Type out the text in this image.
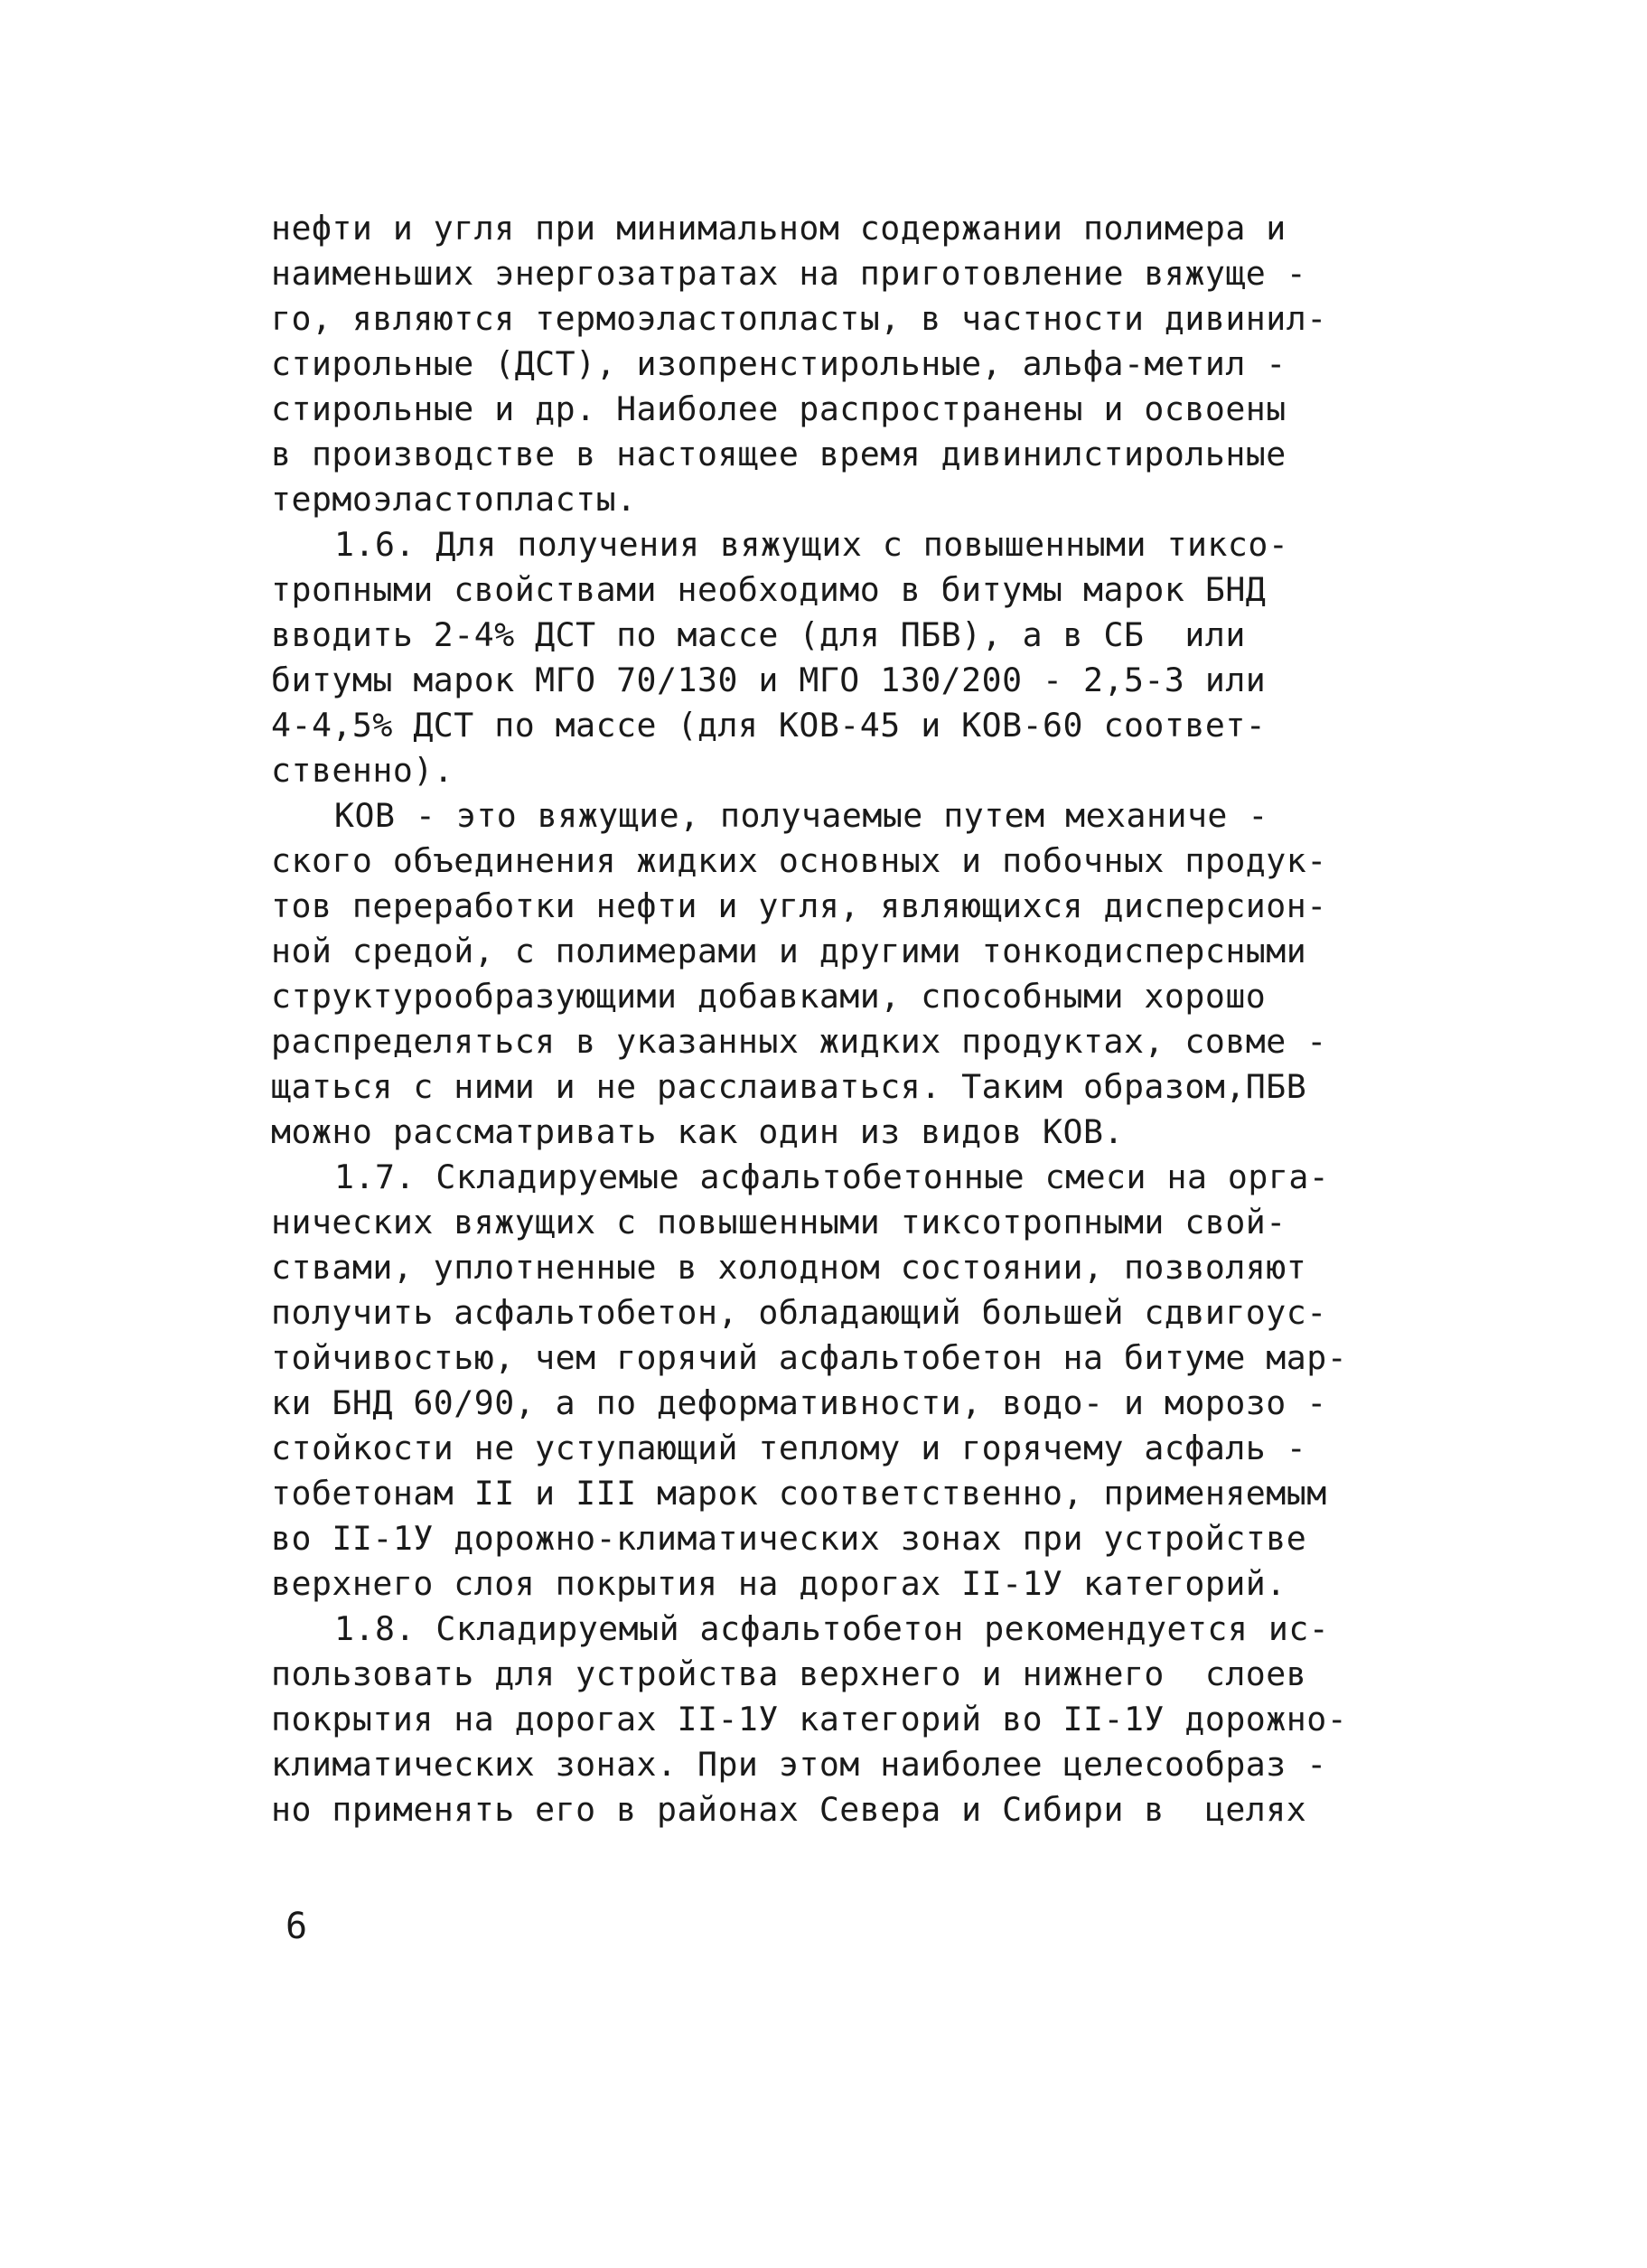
нефти и угля при минимальном содержании полимера и
наименьших энергозатратах на приготовление вяжуще -
го, являются термоэластопласты, в частности дивинил-
стирольные (ДСТ), изопренстирольные, альфа-метил -
стирольные и др. Наиболее распространены и освоены
в производстве в настоящее время дивинилстирольные
термоэластопласты.
1.6. Для получения вяжущих с повышенными тиксо-
тропными свойствами необходимо в битумы марок БНД
вводить 2-4% ДСТ по массе (для ПБВ), а в СБ  или
битумы марок МГО 70/130 и МГО 130/200 - 2,5-3 или
4-4,5% ДСТ по массе (для КОВ-45 и КОВ-60 соответ-
ственно).
КОВ - это вяжущие, получаемые путем механиче -
ского объединения жидких основных и побочных продук-
тов переработки нефти и угля, являющихся дисперсион-
ной средой, с полимерами и другими тонкодисперсными
структурообразующими добавками, способными хорошо
распределяться в указанных жидких продуктах, совме -
щаться с ними и не расслаиваться. Таким образом,ПБВ
можно рассматривать как один из видов КОВ.
1.7. Складируемые асфальтобетонные смеси на орга-
нических вяжущих с повышенными тиксотропными свой-
ствами, уплотненные в холодном состоянии, позволяют
получить асфальтобетон, обладающий большей сдвигоус-
тойчивостью, чем горячий асфальтобетон на битуме мар-
ки БНД 60/90, а по деформативности, водо- и морозо -
стойкости не уступающий теплому и горячему асфаль -
тобетонам II и III марок соответственно, применяемым
во II-1У дорожно-климатических зонах при устройстве
верхнего слоя покрытия на дорогах II-1У категорий.
1.8. Складируемый асфальтобетон рекомендуется ис-
пользовать для устройства верхнего и нижнего  слоев
покрытия на дорогах II-1У категорий во II-1У дорожно-
климатических зонах. При этом наиболее целесообраз -
но применять его в районах Севера и Сибири в  целях
6
